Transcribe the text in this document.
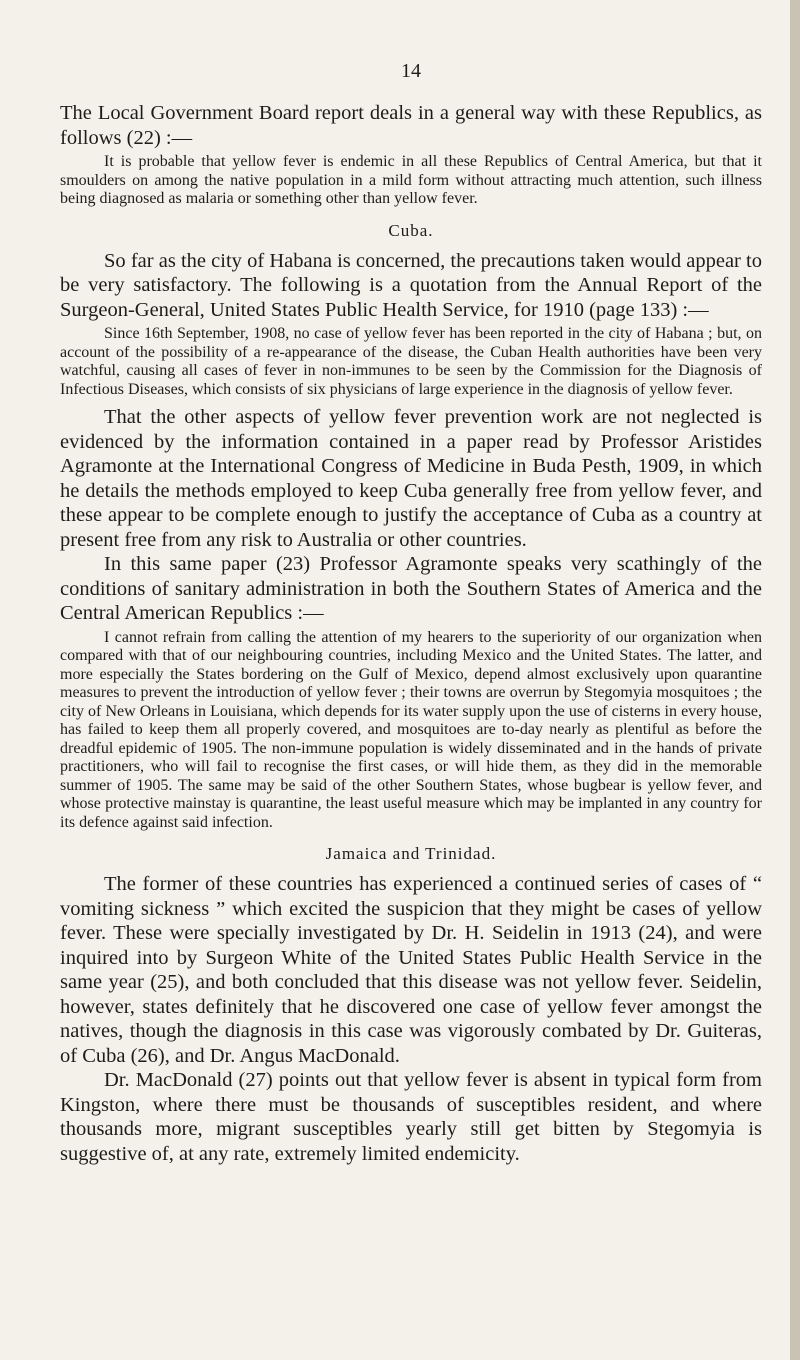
14

The Local Government Board report deals in a general way with these Republics, as follows (22) :—

It is probable that yellow fever is endemic in all these Republics of Central America, but that it smoulders on among the native population in a mild form without attracting much attention, such illness being diagnosed as malaria or something other than yellow fever.

Cuba.

So far as the city of Habana is concerned, the precautions taken would appear to be very satisfactory. The following is a quotation from the Annual Report of the Surgeon-General, United States Public Health Service, for 1910 (page 133) :—

Since 16th September, 1908, no case of yellow fever has been reported in the city of Habana ; but, on account of the possibility of a re-appearance of the disease, the Cuban Health authorities have been very watchful, causing all cases of fever in non-immunes to be seen by the Commission for the Diagnosis of Infectious Diseases, which consists of six physicians of large experience in the diagnosis of yellow fever.

That the other aspects of yellow fever prevention work are not neglected is evidenced by the information contained in a paper read by Professor Aristides Agramonte at the International Congress of Medicine in Buda Pesth, 1909, in which he details the methods employed to keep Cuba generally free from yellow fever, and these appear to be complete enough to justify the acceptance of Cuba as a country at present free from any risk to Australia or other countries.

In this same paper (23) Professor Agramonte speaks very scathingly of the conditions of sanitary administration in both the Southern States of America and the Central American Republics :—

I cannot refrain from calling the attention of my hearers to the superiority of our organization when compared with that of our neighbouring countries, including Mexico and the United States. The latter, and more especially the States bordering on the Gulf of Mexico, depend almost exclusively upon quarantine measures to prevent the introduction of yellow fever ; their towns are overrun by Stegomyia mosquitoes ; the city of New Orleans in Louisiana, which depends for its water supply upon the use of cisterns in every house, has failed to keep them all properly covered, and mosquitoes are to-day nearly as plentiful as before the dreadful epidemic of 1905. The non-immune population is widely disseminated and in the hands of private practitioners, who will fail to recognise the first cases, or will hide them, as they did in the memorable summer of 1905. The same may be said of the other Southern States, whose bugbear is yellow fever, and whose protective mainstay is quarantine, the least useful measure which may be implanted in any country for its defence against said infection.

Jamaica and Trinidad.

The former of these countries has experienced a continued series of cases of “ vomiting sickness ” which excited the suspicion that they might be cases of yellow fever. These were specially investigated by Dr. H. Seidelin in 1913 (24), and were inquired into by Surgeon White of the United States Public Health Service in the same year (25), and both concluded that this disease was not yellow fever. Seidelin, however, states definitely that he discovered one case of yellow fever amongst the natives, though the diagnosis in this case was vigorously combated by Dr. Guiteras, of Cuba (26), and Dr. Angus MacDonald.

Dr. MacDonald (27) points out that yellow fever is absent in typical form from Kingston, where there must be thousands of susceptibles resident, and where thousands more, migrant susceptibles yearly still get bitten by Stegomyia is suggestive of, at any rate, extremely limited endemicity.
